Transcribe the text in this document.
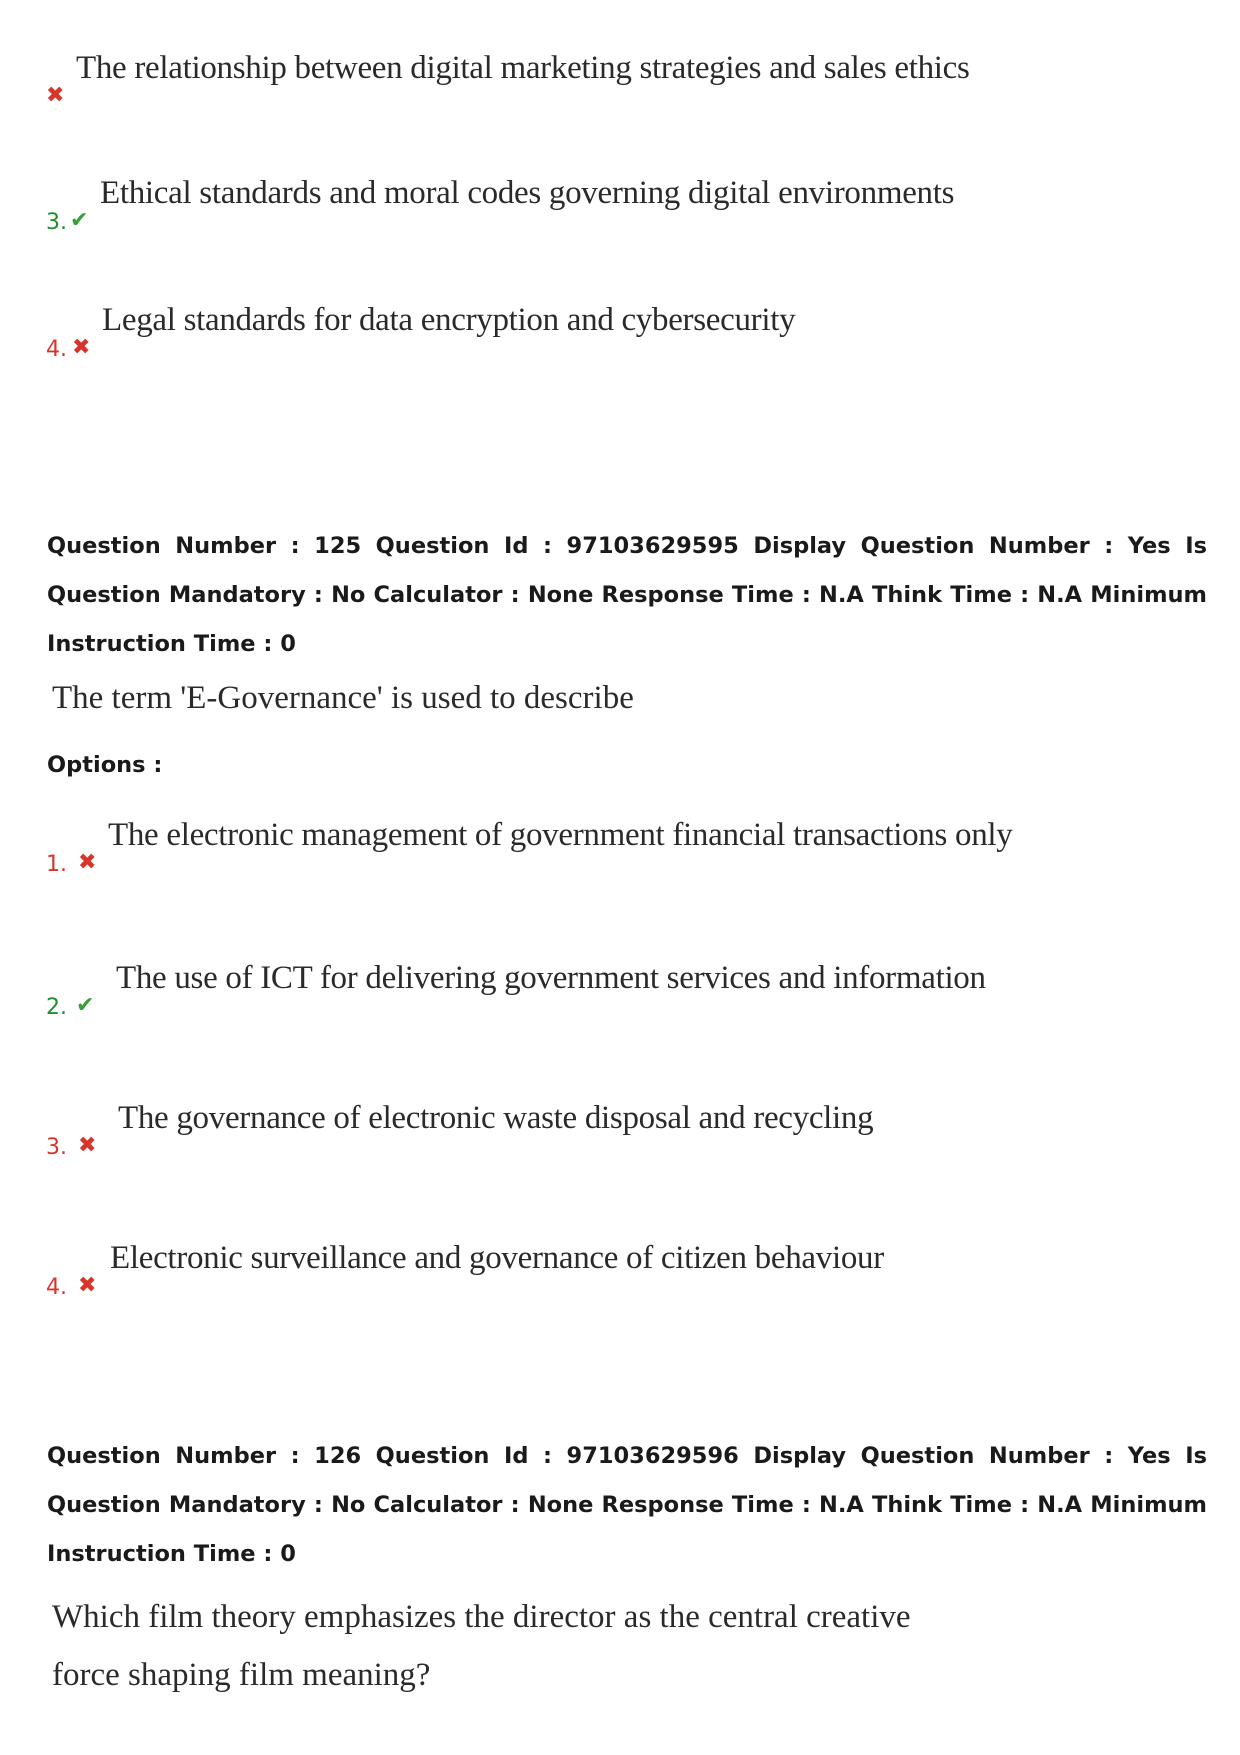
✖
The relationship between digital marketing strategies and sales ethics
3. ✔
Ethical standards and moral codes governing digital environments
4. ✖
Legal standards for data encryption and cybersecurity
Question Number : 125 Question Id : 97103629595 Display Question Number : Yes Is Question Mandatory : No Calculator : None Response Time : N.A Think Time : N.A Minimum Instruction Time : 0
The term 'E-Governance' is used to describe
Options :
1. ✖
The electronic management of government financial transactions only
2. ✔
The use of ICT for delivering government services and information
3. ✖
The governance of electronic waste disposal and recycling
4. ✖
Electronic surveillance and governance of citizen behaviour
Question Number : 126 Question Id : 97103629596 Display Question Number : Yes Is Question Mandatory : No Calculator : None Response Time : N.A Think Time : N.A Minimum Instruction Time : 0
Which film theory emphasizes the director as the central creative force shaping film meaning?
